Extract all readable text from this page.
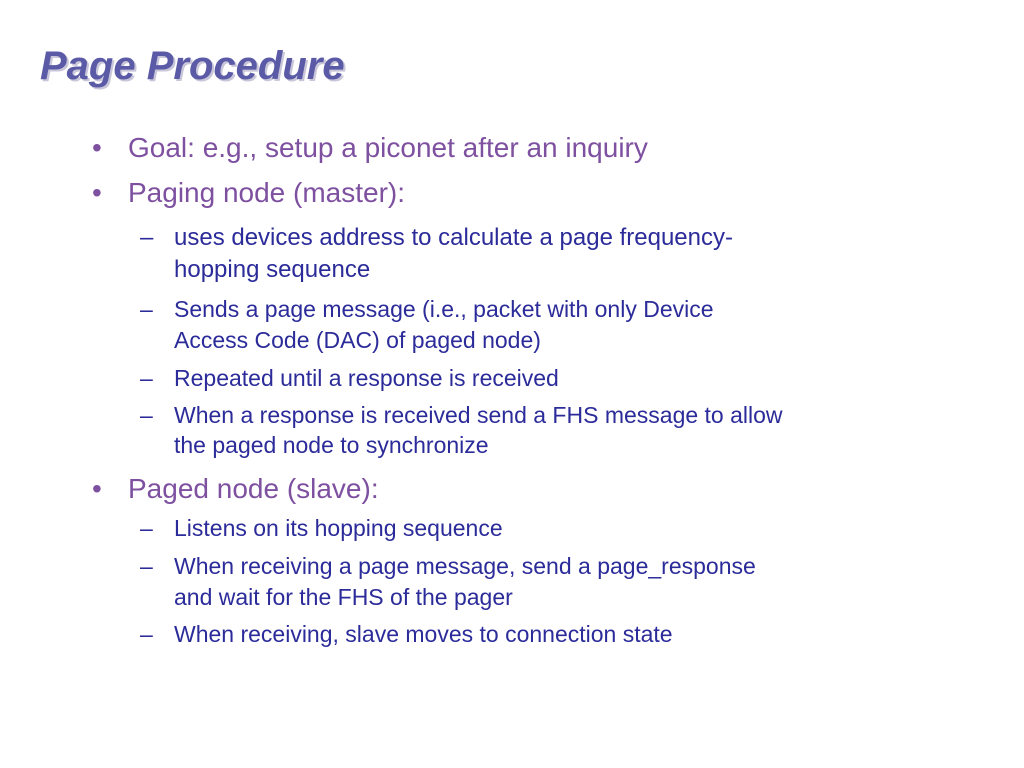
Page Procedure
• Goal: e.g., setup a piconet after an inquiry
• Paging node (master):
– uses devices address to calculate a page frequency-
hopping sequence
– Sends a page message (i.e., packet with only Device
Access Code (DAC) of paged node)
– Repeated until a response is received
– When a response is received send a FHS message to allow
the paged node to synchronize
• Paged node (slave):
– Listens on its hopping sequence
– When receiving a page message, send a page_response
and wait for the FHS of the pager
– When receiving, slave moves to connection state
